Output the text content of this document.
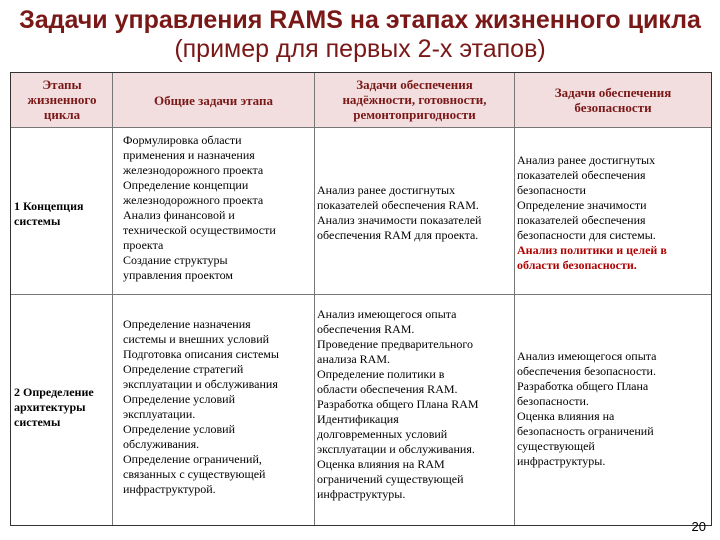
Задачи управления RAMS на этапах жизненного цикла (пример для первых 2-х этапов)
Этапы
жизненного
цикла
Общие задачи этапа
Задачи обеспечения
надёжности, готовности,
ремонтопригодности
Задачи обеспечения
безопасности
1 Концепция
системы
Формулировка области
применения и назначения
железнодорожного проекта
Определение концепции
железнодорожного проекта
Анализ финансовой и
технической осуществимости
проекта
Создание структуры
управления проектом
Анализ ранее достигнутых
показателей обеспечения RAM.
Анализ значимости показателей
обеспечения RAM для проекта.
Анализ ранее достигнутых
показателей обеспечения
безопасности
Определение значимости
показателей обеспечения
безопасности для системы.
Анализ политики и целей в
области безопасности.
2 Определение
архитектуры
системы
Определение назначения
системы и внешних условий
Подготовка описания системы
Определение стратегий
эксплуатации и обслуживания
Определение условий
эксплуатации.
Определение условий
обслуживания.
Определение ограничений,
связанных с существующей
инфраструктурой.
Анализ имеющегося опыта
обеспечения RAM.
Проведение предварительного
анализа RAM.
Определение политики в
области обеспечения RAM.
Разработка общего Плана RAM
Идентификация
долговременных условий
эксплуатации и обслуживания.
Оценка влияния на RAM
ограничений существующей
инфраструктуры.
Анализ имеющегося опыта
обеспечения безопасности.
Разработка общего Плана
безопасности.
Оценка влияния на
безопасность ограничений
существующей
инфраструктуры.
20
